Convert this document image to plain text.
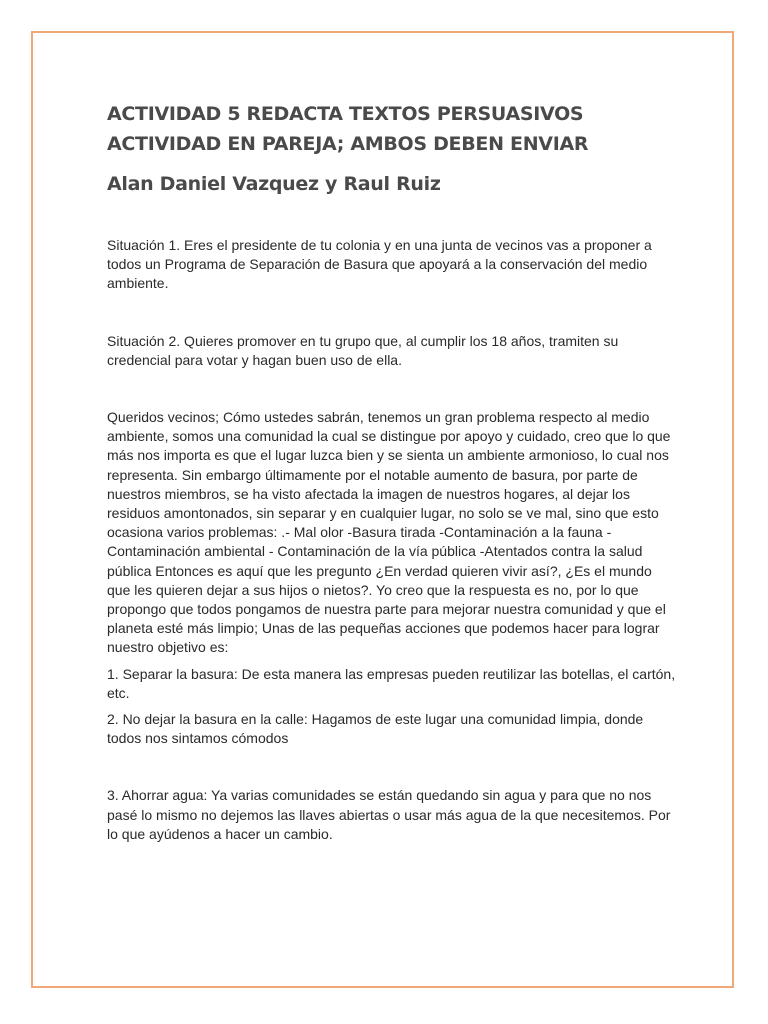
ACTIVIDAD 5 REDACTA TEXTOS PERSUASIVOS
ACTIVIDAD EN PAREJA; AMBOS DEBEN ENVIAR
Alan Daniel Vazquez y Raul Ruiz

Situación 1. Eres el presidente de tu colonia y en una junta de vecinos vas a proponer a todos un Programa de Separación de Basura que apoyará a la conservación del medio ambiente.

Situación 2. Quieres promover en tu grupo que, al cumplir los 18 años, tramiten su credencial para votar y hagan buen uso de ella.

Queridos vecinos; Cómo ustedes sabrán, tenemos un gran problema respecto al medio ambiente, somos una comunidad la cual se distingue por apoyo y cuidado, creo que lo que más nos importa es que el lugar luzca bien y se sienta un ambiente armonioso, lo cual nos representa. Sin embargo últimamente por el notable aumento de basura, por parte de nuestros miembros, se ha visto afectada la imagen de nuestros hogares, al dejar los residuos amontonados, sin separar y en cualquier lugar, no solo se ve mal, sino que esto ocasiona varios problemas: .- Mal olor -Basura tirada -Contaminación a la fauna -Contaminación ambiental - Contaminación de la vía pública -Atentados contra la salud pública Entonces es aquí que les pregunto ¿En verdad quieren vivir así?, ¿Es el mundo que les quieren dejar a sus hijos o nietos?. Yo creo que la respuesta es no, por lo que propongo que todos pongamos de nuestra parte para mejorar nuestra comunidad y que el planeta esté más limpio; Unas de las pequeñas acciones que podemos hacer para lograr nuestro objetivo es:

1. Separar la basura: De esta manera las empresas pueden reutilizar las botellas, el cartón, etc.

2. No dejar la basura en la calle: Hagamos de este lugar una comunidad limpia, donde todos nos sintamos cómodos

3. Ahorrar agua: Ya varias comunidades se están quedando sin agua y para que no nos pasé lo mismo no dejemos las llaves abiertas o usar más agua de la que necesitemos. Por lo que ayúdenos a hacer un cambio.
